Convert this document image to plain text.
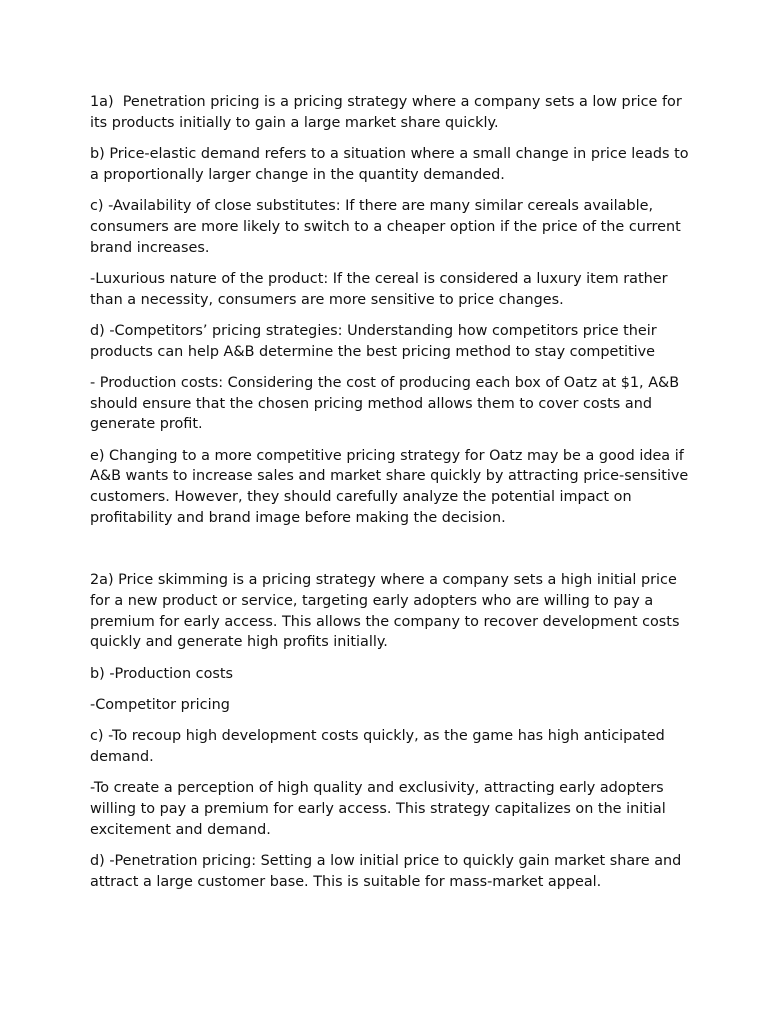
1a)  Penetration pricing is a pricing strategy where a company sets a low price for its products initially to gain a large market share quickly.

b) Price-elastic demand refers to a situation where a small change in price leads to a proportionally larger change in the quantity demanded.

c) -Availability of close substitutes: If there are many similar cereals available, consumers are more likely to switch to a cheaper option if the price of the current brand increases.

-Luxurious nature of the product: If the cereal is considered a luxury item rather than a necessity, consumers are more sensitive to price changes.

d) -Competitors’ pricing strategies: Understanding how competitors price their products can help A&B determine the best pricing method to stay competitive

- Production costs: Considering the cost of producing each box of Oatz at $1, A&B should ensure that the chosen pricing method allows them to cover costs and generate profit.

e) Changing to a more competitive pricing strategy for Oatz may be a good idea if A&B wants to increase sales and market share quickly by attracting price-sensitive customers. However, they should carefully analyze the potential impact on profitability and brand image before making the decision.

2a) Price skimming is a pricing strategy where a company sets a high initial price for a new product or service, targeting early adopters who are willing to pay a premium for early access. This allows the company to recover development costs quickly and generate high profits initially.

b) -Production costs

-Competitor pricing

c) -To recoup high development costs quickly, as the game has high anticipated demand.

-To create a perception of high quality and exclusivity, attracting early adopters willing to pay a premium for early access. This strategy capitalizes on the initial excitement and demand.

d) -Penetration pricing: Setting a low initial price to quickly gain market share and attract a large customer base. This is suitable for mass-market appeal.
